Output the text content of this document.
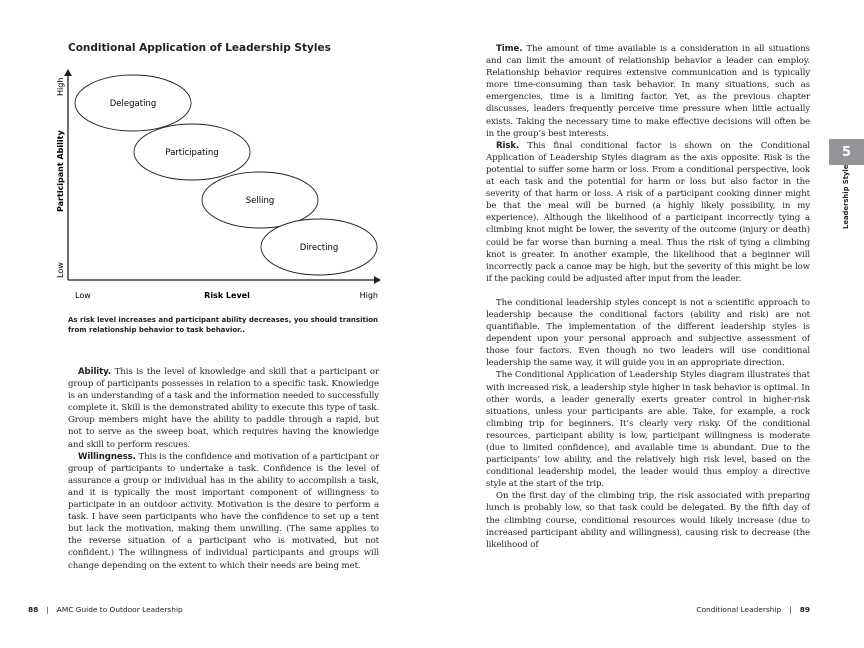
Conditional Application of Leadership Styles
High
Participant Ability
Low
Low	Risk Level	High
Delegating
Participating
Selling
Directing
As risk level increases and participant ability decreases, you should transition from relationship behavior to task behavior..

Ability. This is the level of knowledge and skill that a participant or group of participants possesses in relation to a specific task. Knowledge is an understanding of a task and the information needed to successfully complete it. Skill is the demonstrated ability to execute this type of task. Group members might have the ability to paddle through a rapid, but not to serve as the sweep boat, which requires having the knowledge and skill to perform rescues.

Willingness. This is the confidence and motivation of a participant or group of participants to undertake a task. Confidence is the level of assurance a group or individual has in the ability to accomplish a task, and it is typically the most important component of willingness to participate in an outdoor activity. Motivation is the desire to perform a task. I have seen participants who have the confidence to set up a tent but lack the motivation, making them unwilling. (The same applies to the reverse situation of a participant who is motivated, but not confident.) The willingness of individual participants and groups will change depending on the extent to which their needs are being met.

88 | AMC Guide to Outdoor Leadership

Time. The amount of time available is a consideration in all situations and can limit the amount of relationship behavior a leader can employ. Relationship behavior requires extensive communication and is typically more time-consuming than task behavior. In many situations, such as emergencies, time is a limiting factor. Yet, as the previous chapter discusses, leaders frequently perceive time pressure when little actually exists. Taking the necessary time to make effective decisions will often be in the group’s best interests.

Risk. This final conditional factor is shown on the Conditional Application of Leadership Styles diagram as the axis opposite. Risk is the potential to suffer some harm or loss. From a conditional perspective, look at each task and the potential for harm or loss but also factor in the severity of that harm or loss. A risk of a participant cooking dinner might be that the meal will be burned (a highly likely possibility, in my experience). Although the likelihood of a participant incorrectly tying a climbing knot might be lower, the severity of the outcome (injury or death) could be far worse than burning a meal. Thus the risk of tying a climbing knot is greater. In another example, the likelihood that a beginner will incorrectly pack a canoe may be high, but the severity of this might be low if the packing could be adjusted after input from the leader.

The conditional leadership styles concept is not a scientific approach to leadership because the conditional factors (ability and risk) are not quantifiable. The implementation of the different leadership styles is dependent upon your personal approach and subjective assessment of those four factors. Even though no two leaders will use conditional leadership the same way, it will guide you in an appropriate direction.

The Conditional Application of Leadership Styles diagram illustrates that with increased risk, a leadership style higher in task behavior is optimal. In other words, a leader generally exerts greater control in higher-risk situations, unless your participants are able. Take, for example, a rock climbing trip for beginners. It’s clearly very risky. Of the conditional resources, participant ability is low, participant willingness is moderate (due to limited confidence), and available time is abundant. Due to the participants’ low ability, and the relatively high risk level, based on the conditional leadership model, the leader would thus employ a directive style at the start of the trip.

On the first day of the climbing trip, the risk associated with preparing lunch is probably low, so that task could be delegated. By the fifth day of the climbing course, conditional resources would likely increase (due to increased participant ability and willingness), causing risk to decrease (the likelihood of

5
Leadership Style
Conditional Leadership | 89
